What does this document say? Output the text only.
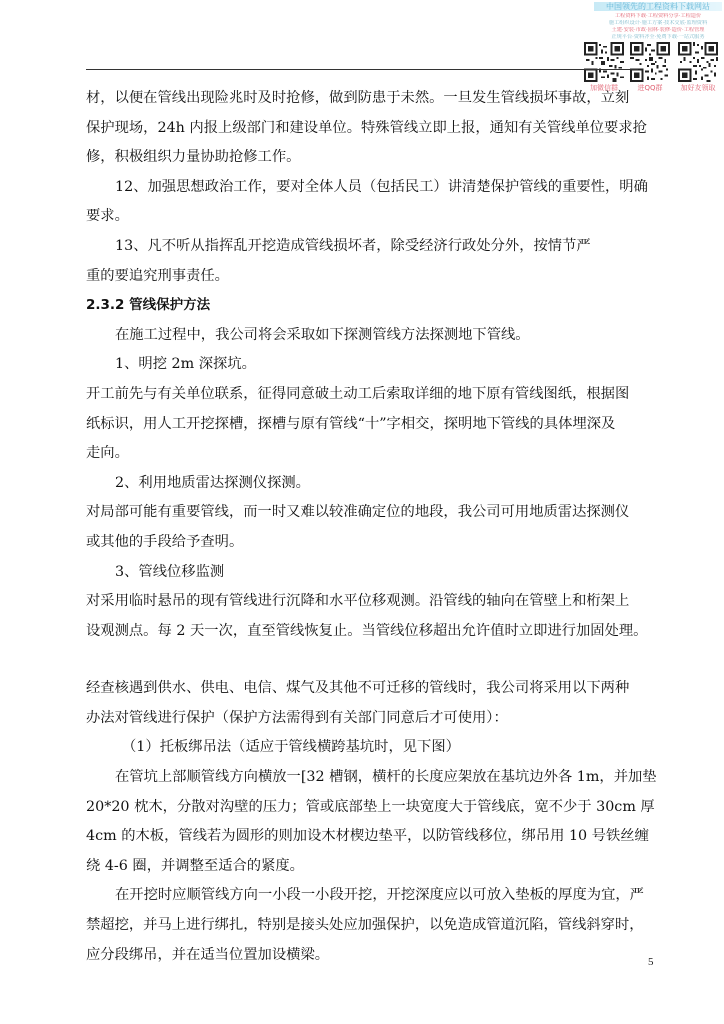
中国领先的工程资料下载网站
工程资料下载·工程资料分享·工程造价
施工组织设计·施工方案·技术交底·监理资料
土建·安装·市政·园林·装修·造价·工程管理
正规平台·资料齐全·免费下载·一站式服务
加微信群	进QQ群	加好友领取
材，以便在管线出现险兆时及时抢修，做到防患于未然。一旦发生管线损坏事故，立刻
保护现场，24h 内报上级部门和建设单位。特殊管线立即上报，通知有关管线单位要求抢
修，积极组织力量协助抢修工作。
12、加强思想政治工作，要对全体人员（包括民工）讲清楚保护管线的重要性，明确
要求。
13、凡不听从指挥乱开挖造成管线损坏者，除受经济行政处分外，按情节严
重的要追究刑事责任。
2.3.2 管线保护方法
在施工过程中，我公司将会采取如下探测管线方法探测地下管线。
1、明挖 2m 深探坑。
开工前先与有关单位联系，征得同意破土动工后索取详细的地下原有管线图纸，根据图
纸标识，用人工开挖探槽，探槽与原有管线“十”字相交，探明地下管线的具体埋深及
走向。
2、利用地质雷达探测仪探测。
对局部可能有重要管线，而一时又难以较准确定位的地段，我公司可用地质雷达探测仪
或其他的手段给予查明。
3、管线位移监测
对采用临时悬吊的现有管线进行沉降和水平位移观测。沿管线的轴向在管壁上和桁架上
设观测点。每 2 天一次，直至管线恢复止。当管线位移超出允许值时立即进行加固处理。
经查核遇到供水、供电、电信、煤气及其他不可迁移的管线时，我公司将采用以下两种
办法对管线进行保护（保护方法需得到有关部门同意后才可使用）：
（1）托板绑吊法（适应于管线横跨基坑时，见下图）
在管坑上部顺管线方向横放一[32 槽钢，横杆的长度应架放在基坑边外各 1m，并加垫
20*20 枕木，分散对沟壁的压力；管或底部垫上一块宽度大于管线底，宽不少于 30cm 厚
4cm 的木板，管线若为圆形的则加设木材楔边垫平，以防管线移位，绑吊用 10 号铁丝缠
绕 4-6 圈，并调整至适合的紧度。
在开挖时应顺管线方向一小段一小段开挖，开挖深度应以可放入垫板的厚度为宜，严
禁超挖，并马上进行绑扎，特别是接头处应加强保护，以免造成管道沉陷，管线斜穿时，
应分段绑吊，并在适当位置加设横梁。	5
